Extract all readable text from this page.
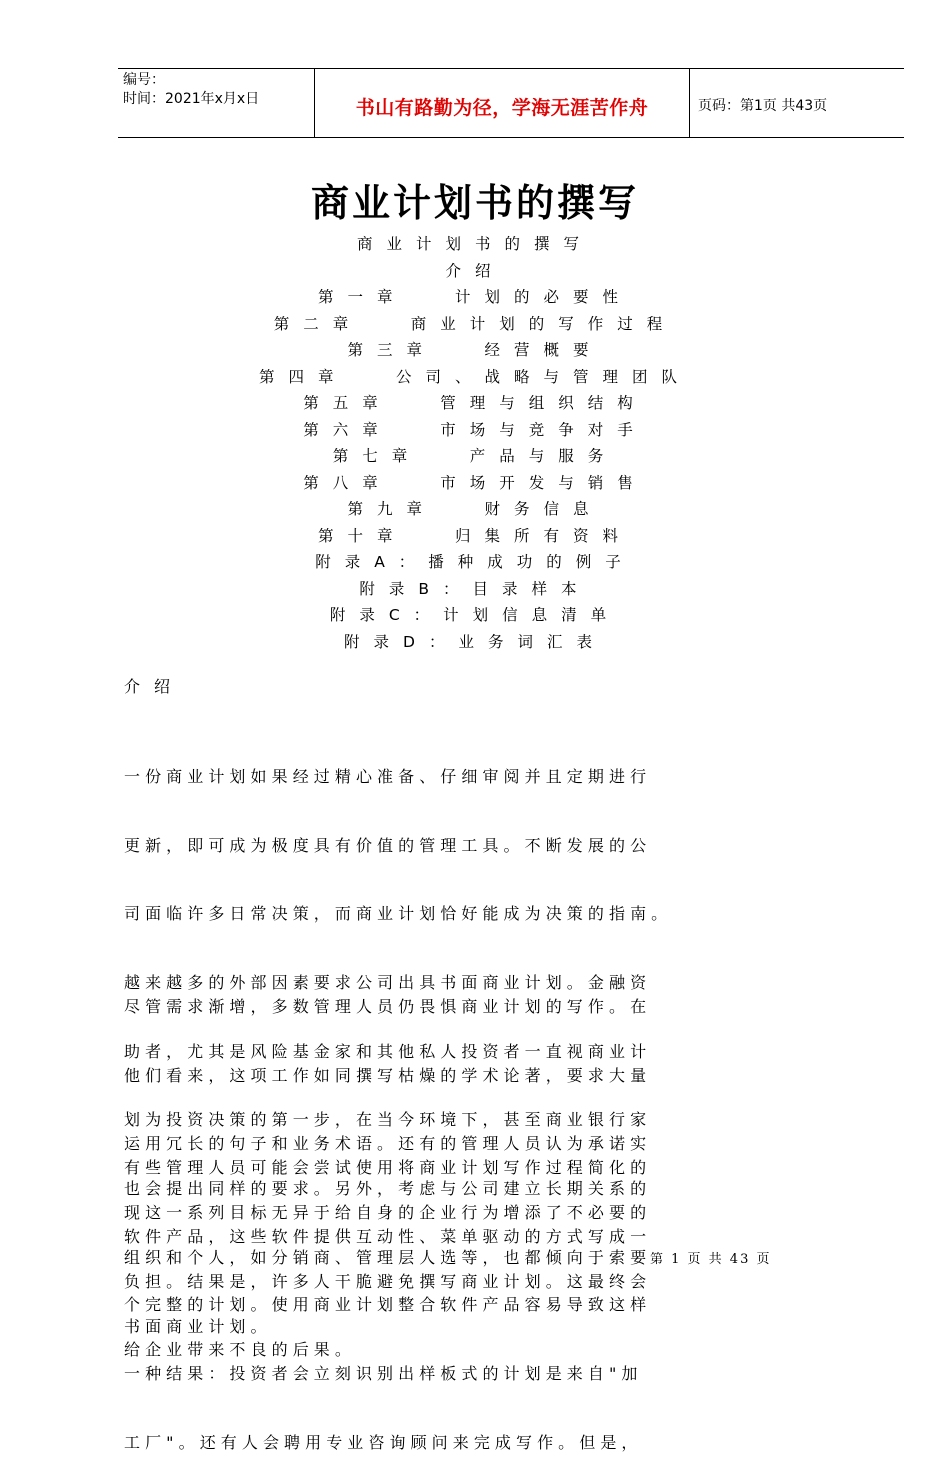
编号：
时间：2021年x月x日	书山有路勤为径，学海无涯苦作舟	页码：第1页 共43页
商业计划书的撰写
商业计划书的撰写
介绍
第一章　 计划的必要性
第二章　 商业计划的写作过程
第三章　 经营概要
第四章　 公司、战略与管理团队
第五章　 管理与组织结构
第六章　 市场与竞争对手
第七章　 产品与服务
第八章　 市场开发与销售
第九章　 财务信息
第十章　 归集所有资料
附录A：播种成功的例子
附录B：目录样本
附录C：计划信息清单
附录D：业务词汇表
介绍

一 份 商 业 计 划 如 果 经 过 精 心 准 备 、 仔 细 审 阅 并 且 定 期 进 行

更 新 ， 即 可 成 为 极 度 具 有 价 值 的 管 理 工 具 。 不 断 发 展 的 公

司 面 临 许 多 日 常 决 策 ， 而 商 业 计 划 恰 好 能 成 为 决 策 的 指 南 。

越 来 越 多 的 外 部 因 素 要 求 公 司 出 具 书 面 商 业 计 划 。 金 融 资

助 者 ， 尤 其 是 风 险 基 金 家 和 其 他 私 人 投 资 者 一 直 视 商 业 计

划 为 投 资 决 策 的 第 一 步 ， 在 当 今 环 境 下 ， 甚 至 商 业 银 行 家

也 会 提 出 同 样 的 要 求 。 另 外 ， 考 虑 与 公 司 建 立 长 期 关 系 的

组 织 和 个 人 ， 如 分 销 商 、 管 理 层 人 选 等 ， 也 都 倾 向 于 索 要

书 面 商 业 计 划 。

尽 管 需 求 渐 增 ， 多 数 管 理 人 员 仍 畏 惧 商 业 计 划 的 写 作 。 在

他 们 看 来 ， 这 项 工 作 如 同 撰 写 枯 燥 的 学 术 论 著 ， 要 求 大 量

运 用 冗 长 的 句 子 和 业 务 术 语 。 还 有 的 管 理 人 员 认 为 承 诺 实

现 这 一 系 列 目 标 无 异 于 给 自 身 的 企 业 行 为 增 添 了 不 必 要 的

负 担 。 结 果 是 ， 许 多 人 干 脆 避 免 撰 写 商 业 计 划 。 这 最 终 会

给 企 业 带 来 不 良 的 后 果 。

有 些 管 理 人 员 可 能 会 尝 试 使 用 将 商 业 计 划 写 作 过 程 简 化 的

软 件 产 品 ， 这 些 软 件 提 供 互 动 性 、 菜 单 驱 动 的 方 式 写 成 一

个 完 整 的 计 划 。 使 用 商 业 计 划 整 合 软 件 产 品 容 易 导 致 这 样

一 种 结 果 ： 投 资 者 会 立 刻 识 别 出 样 板 式 的 计 划 是 来 自 " 加

工 厂 " 。 还 有 人 会 聘 用 专 业 咨 询 顾 问 来 完 成 写 作 。 但 是 ，

第 1 页 共 43 页
